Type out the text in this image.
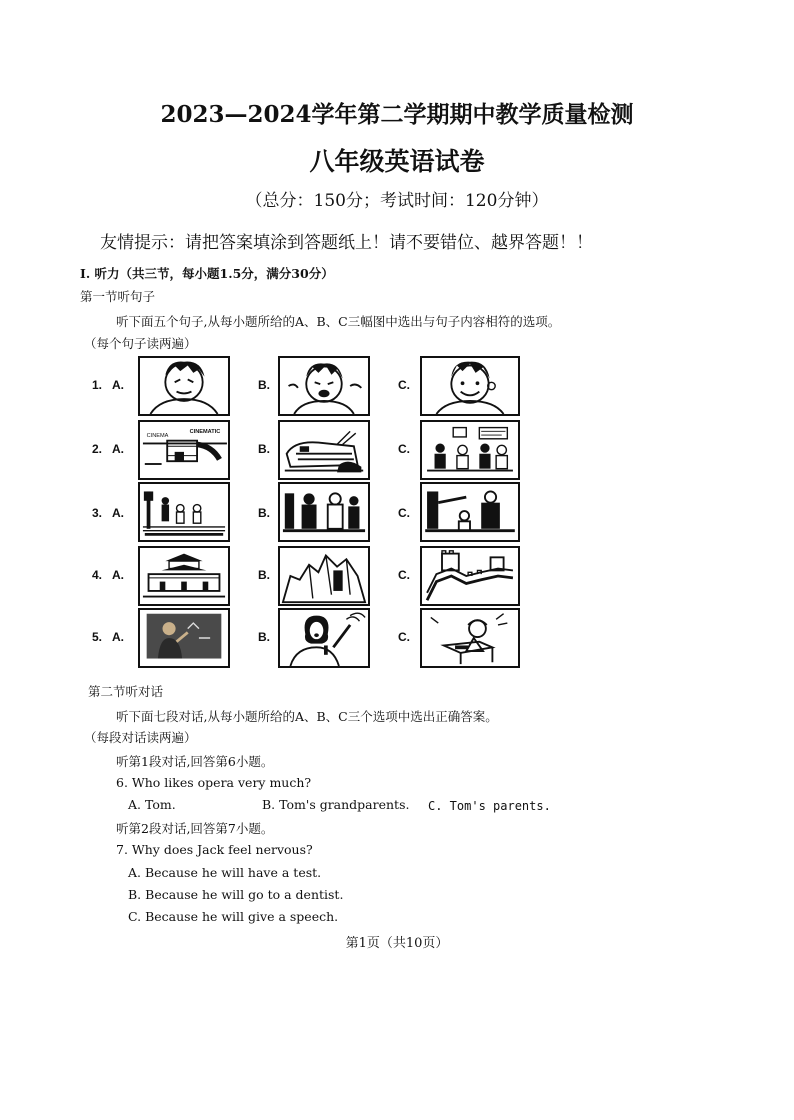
2023—2024学年第二学期期中教学质量检测
八年级英语试卷
（总分：150分；考试时间：120分钟）
友情提示：请把答案填涂到答题纸上！请不要错位、越界答题！！
I. 听力（共三节，每小题1.5分，满分30分）
第一节听句子
听下面五个句子,从每小题所给的A、B、C三幅图中选出与句子内容相符的选项。
（每个句子读两遍）
1. A.	B.	C.
2. A.
CINEMA
CINEMATIC
B.	C.
3. A.	B.	C.
4. A.	B.	C.
5. A.	B.	C.
第二节听对话
听下面七段对话,从每小题所给的A、B、C三个选项中选出正确答案。
（每段对话读两遍）
听第1段对话,回答第6小题。
6. Who likes opera very much?
A. Tom.	B. Tom's grandparents. C. Tom's parents.
听第2段对话,回答第7小题。
7. Why does Jack feel nervous?
A. Because he will have a test.
B. Because he will go to a dentist.
C. Because he will give a speech.
第1页（共10页）
